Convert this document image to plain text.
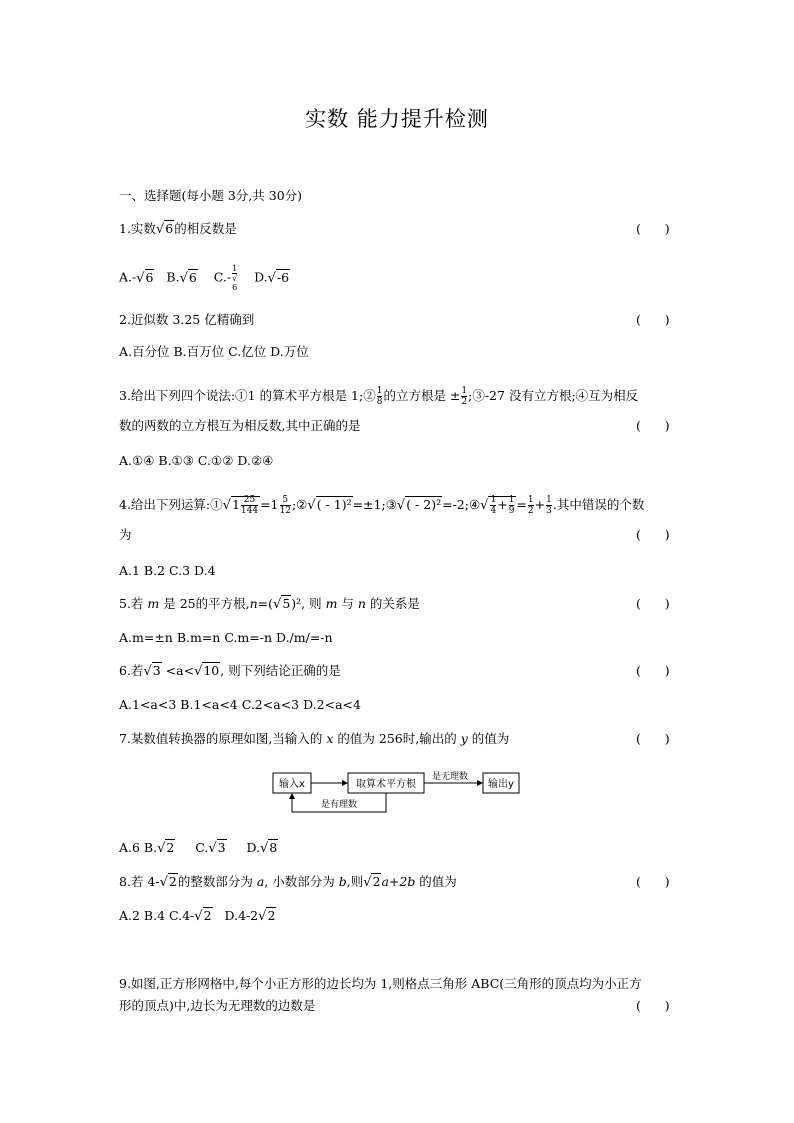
实数 能力提升检测
一、选择题(每小题 3分,共 30分)
1.实数√6的相反数是	(      )
A.-√6 B.√6 C.- 1
√
6 D.√-6
2.近似数 3.25 亿精确到	(      )
A.百分位 B.百万位 C.亿位 D.万位
3.给出下列四个说法:①1 的算术平方根是 1;② $\frac{1}{8}$ 的立方根是 ± $\frac{1}{2}$ ;③-27 没有立方根;④互为相反
数的两数的立方根互为相反数,其中正确的是	(      )
A.①④ B.①③ C.①② D.②④
4.给出下列运算:①√1 $\frac{25}{144} =1 \frac{5}{12}$ ;②√( - 1)²=±1;③√( - 2)²=-2;④√ $\frac{1}{4} + \frac{1}{9} = \frac{1}{2} + \frac{1}{3}$ .其中错误的个数
为	(      )
A.1 B.2 C.3 D.4
5.若 m 是 25的平方根,n=(√5)², 则 m 与 n 的关系是	(      )
A.m=±n B.m=n C.m=-n D./m/=-n
6.若√3 <a<√10, 则下列结论正确的是	(      )
A.1<a<3 B.1<a<4 C.2<a<3 D.2<a<4
7.某数值转换器的原理如图,当输入的 x 的值为 256时,输出的 y 的值为	(      )
输入x	取算术平方根
是无理数
输出y
是有理数
A.6 B.√2 C.√3 D.√8
8.若 4-√2的整数部分为 a, 小数部分为 b,则√2a+2b 的值为	(      )
A.2 B.4 C.4-√2   D.4-2√2
9.如图,正方形网格中,每个小正方形的边长均为 1,则格点三角形 ABC(三角形的顶点均为小正方
形的顶点)中,边长为无理数的边数是	(      )
